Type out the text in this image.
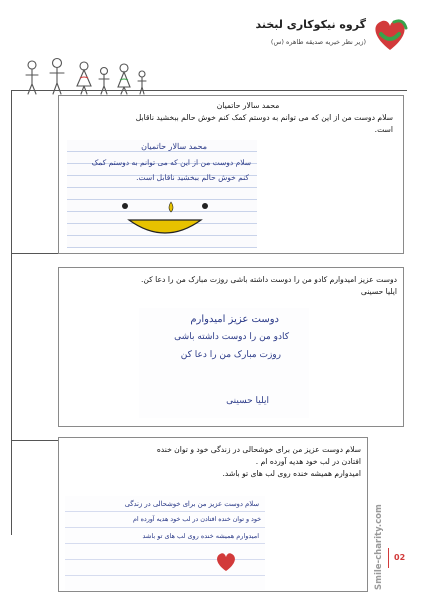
گروه نیکوکاری لبخند
(زیر نظر خیریه صدیقه طاهره (س)
محمد سالار حاتمیان
سلام دوست من از این که می توانم به دوستم کمک کنم خوش حالم ببخشید ناقابل
است.
محمد سالار حاتمیان
سلام دوست من از این که می توانم به دوستم کمک
کنم خوش حالم ببخشید ناقابل است.
دوست عزیز امیدوارم کادو من را دوست داشته باشی روزت مبارک من را دعا کن.
ایلیا حسینی
دوست عزیز امیدوارم
کادو من را دوست داشته باشی
روزت مبارک من را دعا کن
ایلیا حسینی
سلام دوست عزیز من برای خوشحالی در زندگی خود و توان خنده
افتادن در لب خود هدیه آورده ام .
امیدوارم همیشه خنده روی لب های تو باشد.
سلام دوست عزیز من برای خوشحالی در زندگی
خود و توان خنده افتادن در لب خود هدیه آورده ام
امیدوارم همیشه خنده روی لب های تو باشد	Smile-charity.com 02
